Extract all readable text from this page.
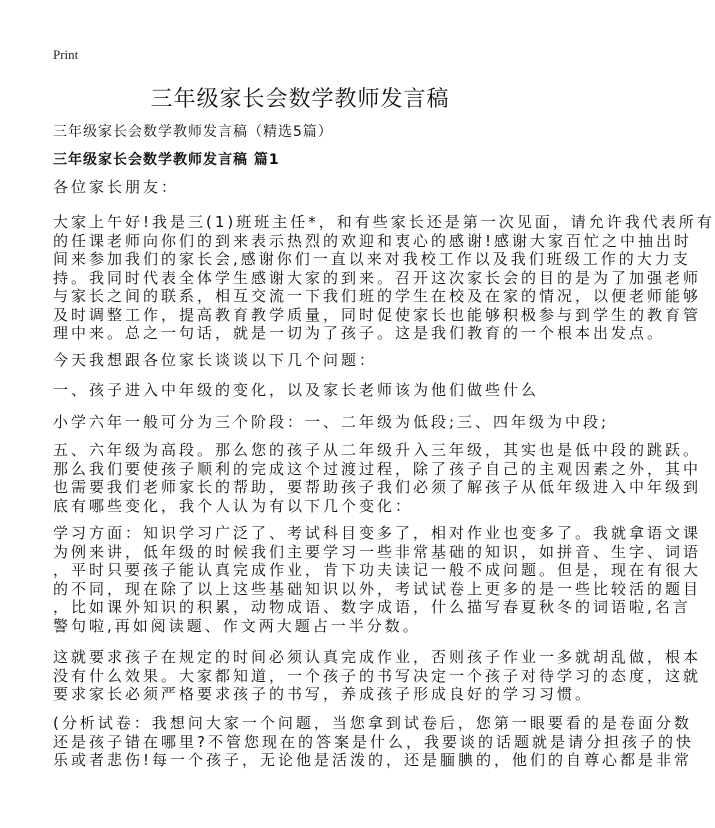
Print
三年级家长会数学教师发言稿
三年级家长会数学教师发言稿（精选5篇）
三年级家长会数学教师发言稿 篇1
各位家长朋友：
大家上午好!我是三(1)班班主任*，和有些家长还是第一次见面，请允许我代表所有
的任课老师向你们的到来表示热烈的欢迎和衷心的感谢!感谢大家百忙之中抽出时
间来参加我们的家长会,感谢你们一直以来对我校工作以及我们班级工作的大力支
持。我同时代表全体学生感谢大家的到来。召开这次家长会的目的是为了加强老师
与家长之间的联系，相互交流一下我们班的学生在校及在家的情况，以便老师能够
及时调整工作，提高教育教学质量，同时促使家长也能够积极参与到学生的教育管
理中来。总之一句话，就是一切为了孩子。这是我们教育的一个根本出发点。
今天我想跟各位家长谈谈以下几个问题：
一、孩子进入中年级的变化，以及家长老师该为他们做些什么
小学六年一般可分为三个阶段：一、二年级为低段;三、四年级为中段;
五、六年级为高段。那么您的孩子从二年级升入三年级，其实也是低中段的跳跃。
那么我们要使孩子顺利的完成这个过渡过程，除了孩子自己的主观因素之外，其中
也需要我们老师家长的帮助，要帮助孩子我们必须了解孩子从低年级进入中年级到
底有哪些变化，我个人认为有以下几个变化：
学习方面：知识学习广泛了、考试科目变多了，相对作业也变多了。我就拿语文课
为例来讲，低年级的时候我们主要学习一些非常基础的知识，如拼音、生字、词语
，平时只要孩子能认真完成作业，肯下功夫读记一般不成问题。但是，现在有很大
的不同，现在除了以上这些基础知识以外，考试试卷上更多的是一些比较活的题目
，比如课外知识的积累，动物成语、数字成语，什么描写春夏秋冬的词语啦,名言
警句啦,再如阅读题、作文两大题占一半分数。
这就要求孩子在规定的时间必须认真完成作业，否则孩子作业一多就胡乱做，根本
没有什么效果。大家都知道，一个孩子的书写决定一个孩子对待学习的态度，这就
要求家长必须严格要求孩子的书写，养成孩子形成良好的学习习惯。
(分析试卷：我想问大家一个问题，当您拿到试卷后，您第一眼要看的是卷面分数
还是孩子错在哪里?不管您现在的答案是什么，我要谈的话题就是请分担孩子的快
乐或者悲伤!每一个孩子，无论他是活泼的，还是腼腆的，他们的自尊心都是非常
